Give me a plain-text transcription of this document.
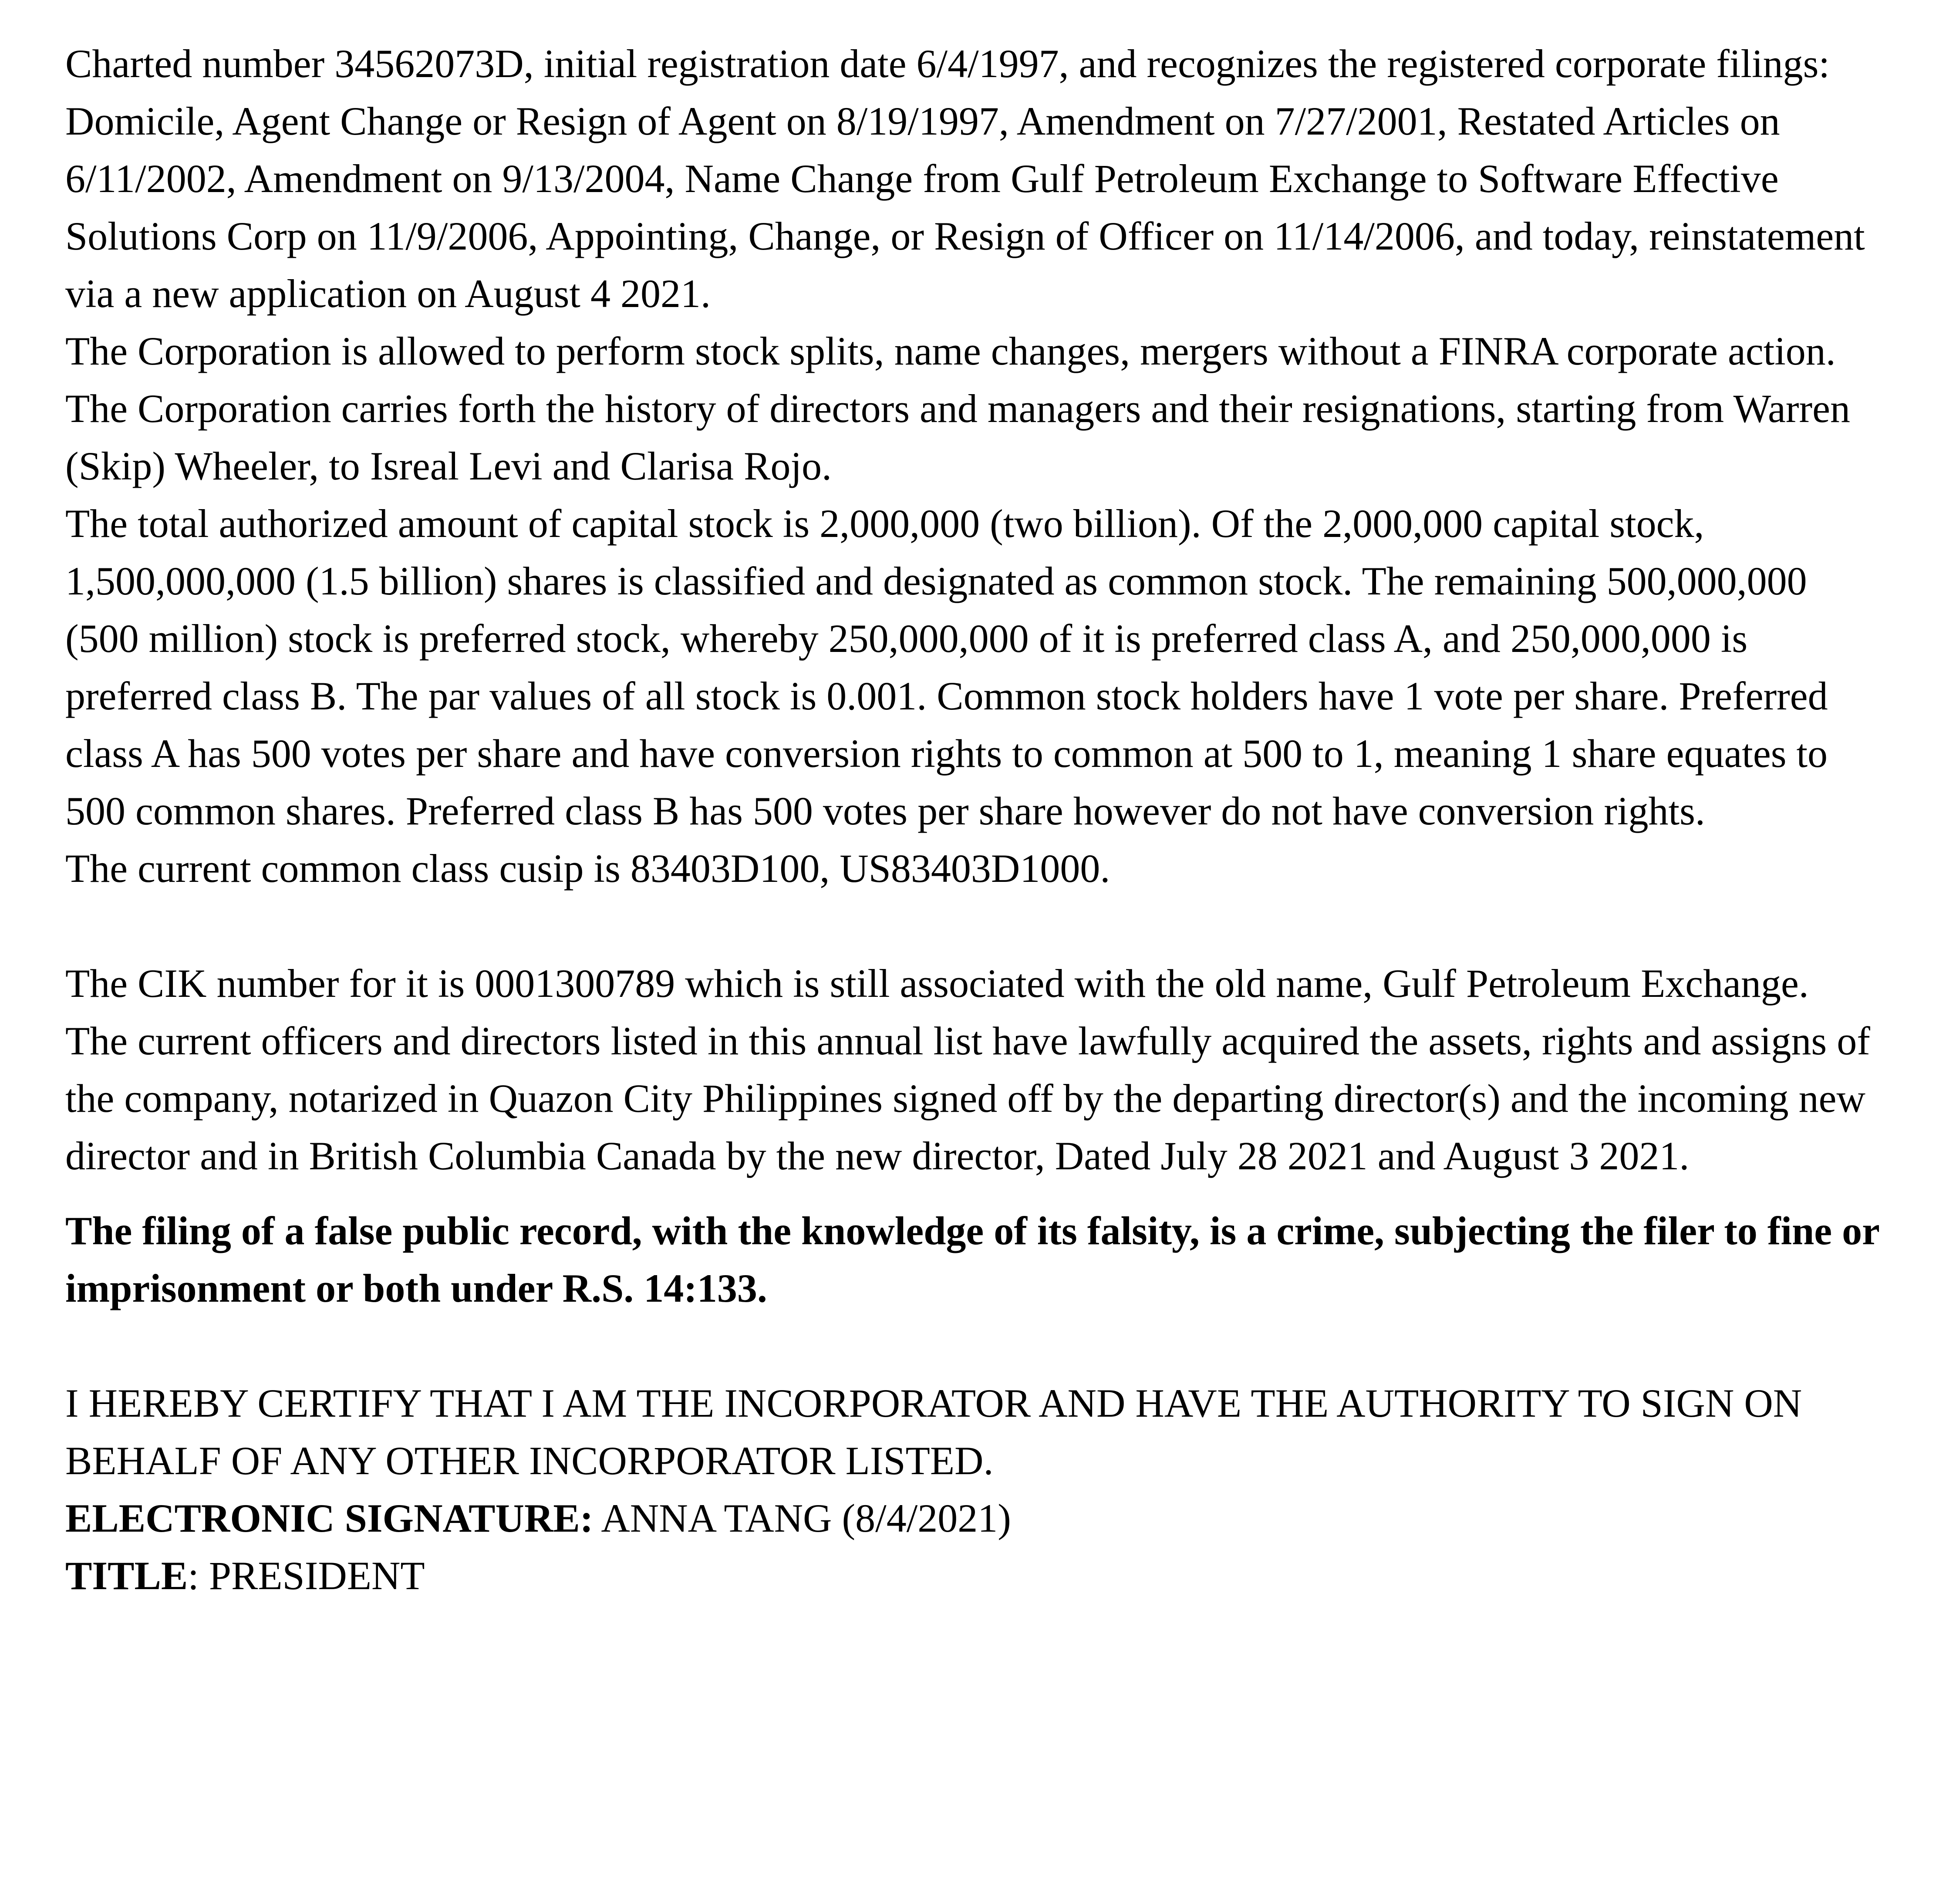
Charted number 34562073D, initial registration date 6/4/1997, and recognizes the registered corporate filings: Domicile, Agent Change or Resign of Agent on 8/19/1997, Amendment on 7/27/2001, Restated Articles on 6/11/2002, Amendment on 9/13/2004, Name Change from Gulf Petroleum Exchange to Software Effective Solutions Corp on 11/9/2006, Appointing, Change, or Resign of Officer on 11/14/2006, and today, reinstatement via a new application on August 4 2021.

The Corporation is allowed to perform stock splits, name changes, mergers without a FINRA corporate action.

The Corporation carries forth the history of directors and managers and their resignations, starting from Warren (Skip) Wheeler, to Isreal Levi and Clarisa Rojo.

The total authorized amount of capital stock is 2,000,000 (two billion). Of the 2,000,000 capital stock, 1,500,000,000 (1.5 billion) shares is classified and designated as common stock. The remaining 500,000,000 (500 million) stock is preferred stock, whereby 250,000,000 of it is preferred class A, and 250,000,000 is preferred class B. The par values of all stock is 0.001. Common stock holders have 1 vote per share. Preferred class A has 500 votes per share and have conversion rights to common at 500 to 1, meaning 1 share equates to 500 common shares. Preferred class B has 500 votes per share however do not have conversion rights.

The current common class cusip is 83403D100, US83403D1000.

The CIK number for it is 0001300789 which is still associated with the old name, Gulf Petroleum Exchange.

The current officers and directors listed in this annual list have lawfully acquired the assets, rights and assigns of the company, notarized in Quazon City Philippines signed off by the departing director(s) and the incoming new director and in British Columbia Canada by the new director, Dated July 28 2021 and August 3 2021.

The filing of a false public record, with the knowledge of its falsity, is a crime, subjecting the filer to fine or imprisonment or both under R.S. 14:133.

I HEREBY CERTIFY THAT I AM THE INCORPORATOR AND HAVE THE AUTHORITY TO SIGN ON BEHALF OF ANY OTHER INCORPORATOR LISTED.

ELECTRONIC SIGNATURE: ANNA TANG (8/4/2021)

TITLE: PRESIDENT
